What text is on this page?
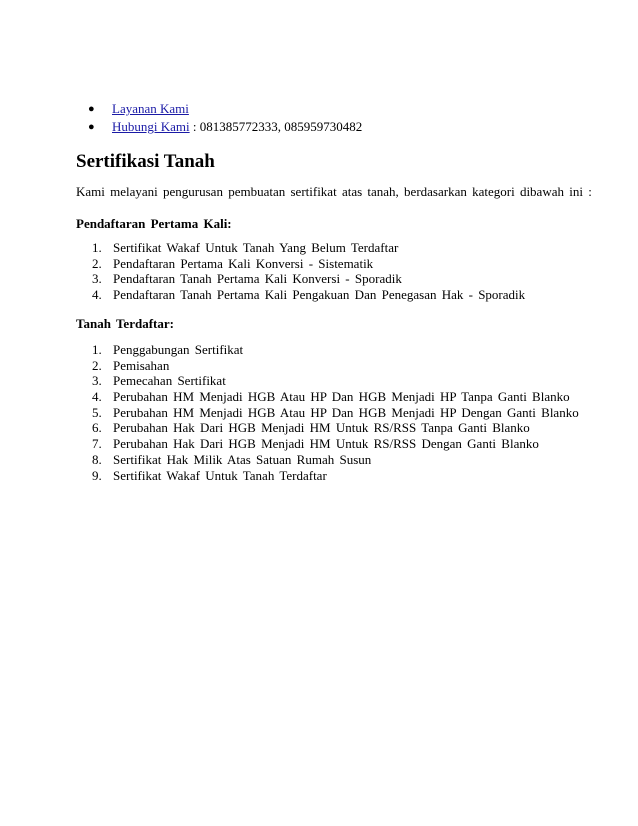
● Layanan Kami
● Hubungi Kami : 081385772333, 085959730482
Sertifikasi Tanah

Kami melayani pengurusan pembuatan sertifikat atas tanah, berdasarkan kategori dibawah ini :

Pendaftaran Pertama Kali:
1. Sertifikat Wakaf Untuk Tanah Yang Belum Terdaftar
2. Pendaftaran Pertama Kali Konversi - Sistematik
3. Pendaftaran Tanah Pertama Kali Konversi - Sporadik
4. Pendaftaran Tanah Pertama Kali Pengakuan Dan Penegasan Hak - Sporadik
Tanah Terdaftar:
1. Penggabungan Sertifikat
2. Pemisahan
3. Pemecahan Sertifikat
4. Perubahan HM Menjadi HGB Atau HP Dan HGB Menjadi HP Tanpa Ganti Blanko
5. Perubahan HM Menjadi HGB Atau HP Dan HGB Menjadi HP Dengan Ganti Blanko
6. Perubahan Hak Dari HGB Menjadi HM Untuk RS/RSS Tanpa Ganti Blanko
7. Perubahan Hak Dari HGB Menjadi HM Untuk RS/RSS Dengan Ganti Blanko
8. Sertifikat Hak Milik Atas Satuan Rumah Susun
9. Sertifikat Wakaf Untuk Tanah Terdaftar
